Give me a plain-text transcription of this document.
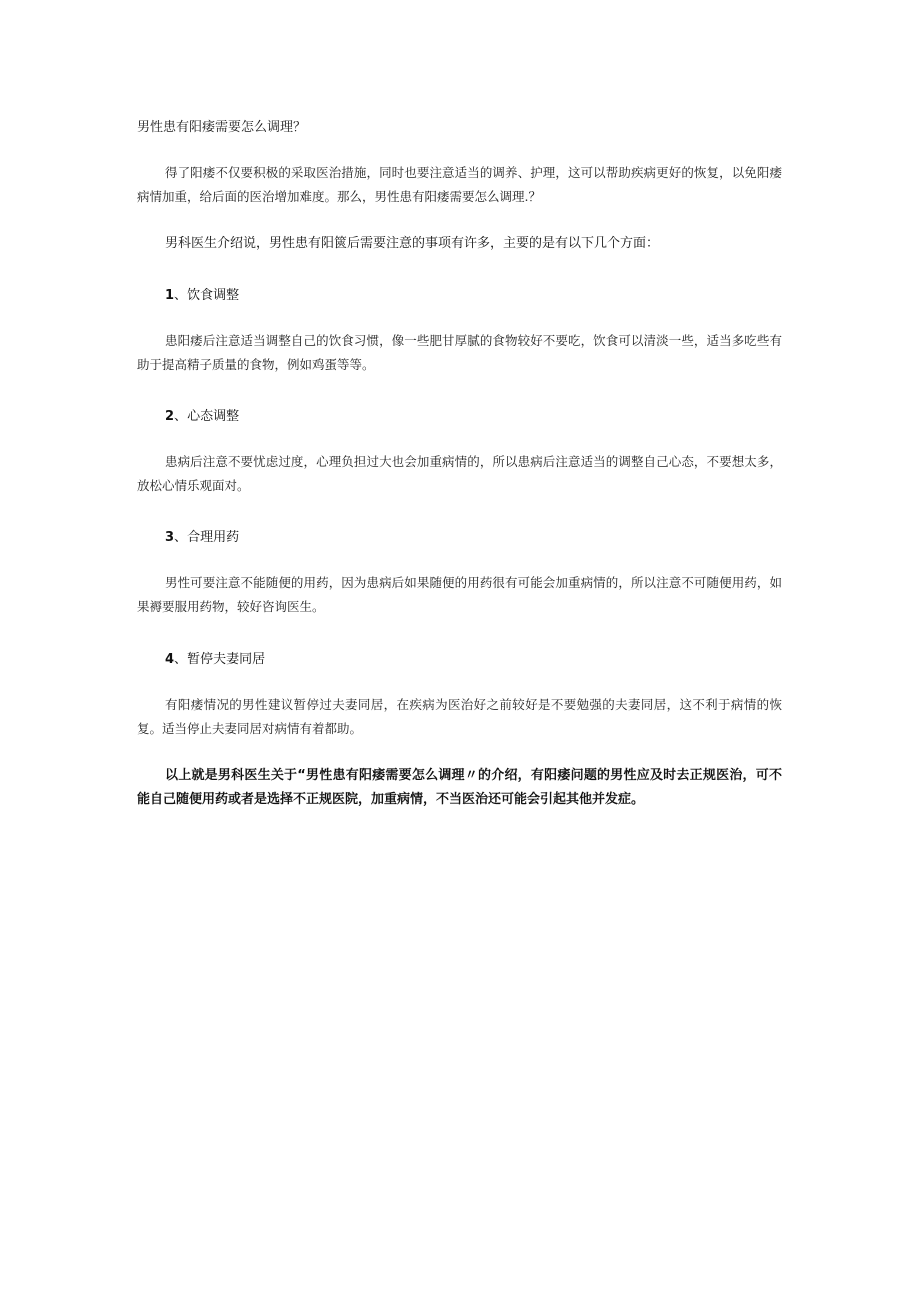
男性患有阳痿需要怎么调理？
得了阳痿不仅要积极的采取医治措施，同时也要注意适当的调养、护理，这可以帮助疾病更好的恢复，以免阳痿病情加重，给后面的医治增加难度。那么，男性患有阳痿需要怎么调理.？
男科医生介绍说，男性患有阳篋后需要注意的事项有许多，主要的是有以下几个方面：
1、饮食调整
患阳痿后注意适当调整自己的饮食习惯，像一些肥甘厚腻的食物较好不要吃，饮食可以清淡一些，适当多吃些有助于提高精子质量的食物，例如鸡蛋等等。
2、心态调整
患病后注意不要忧虑过度，心理负担过大也会加重病情的，所以患病后注意适当的调整自己心态，不要想太多，放松心情乐观面对。
3、合理用药
男性可要注意不能随便的用药，因为患病后如果随便的用药很有可能会加重病情的，所以注意不可随便用药，如果褥要服用药物，较好咨询医生。
4、暂停夫妻同居
有阳痿情况的男性建议暂停过夫妻同居，在疾病为医治好之前较好是不要勉强的夫妻同居，这不利于病情的恢复。适当停止夫妻同居对病情有着都助。
以上就是男科医生关于“男性患有阳痿需要怎么调理〃的介绍，有阳痿问题的男性应及时去正规医治，可不能自己随便用药或者是选择不正规医院，加重病情，不当医治还可能会引起其他并发症。
